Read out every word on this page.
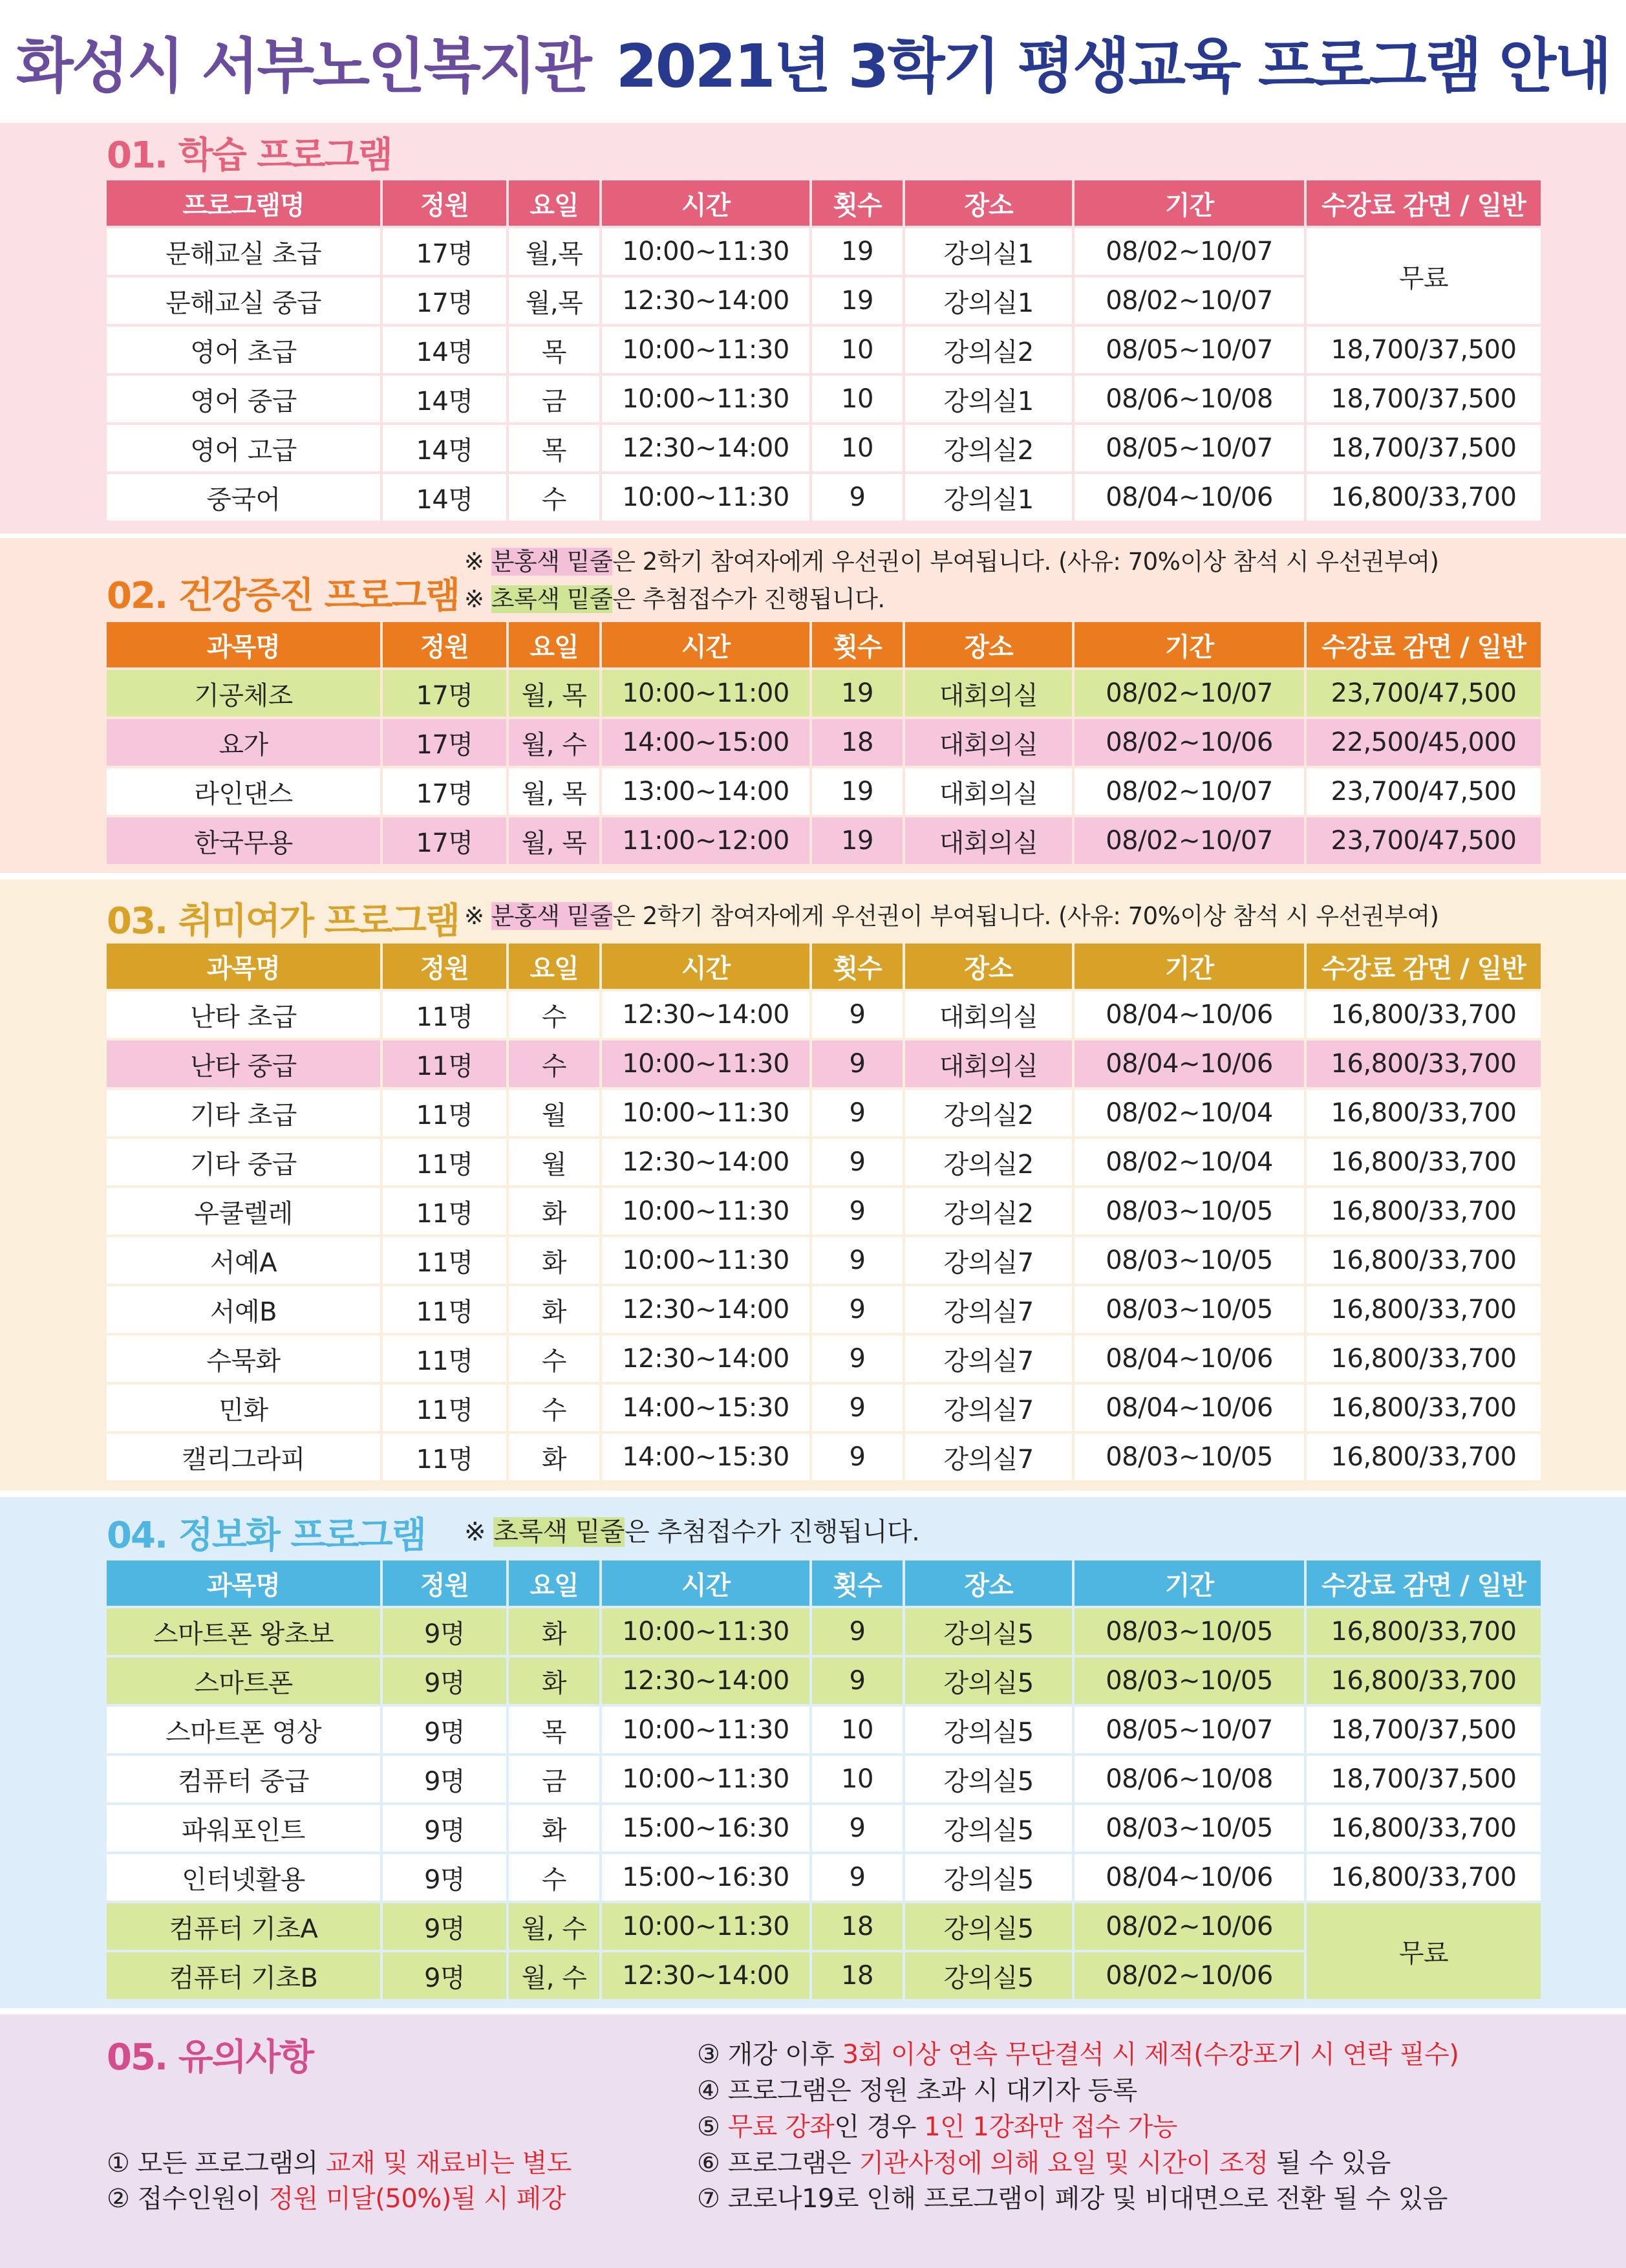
화성시 서부노인복지관 2021년 3학기 평생교육 프로그램 안내
01. 학습 프로그램
프로그램명	정원	요일	시간	횟수	장소	기간	수강료 감면 / 일반
문해교실 초급	17명	월,목	10:00~11:30	19	강의실1	08/02~10/07	무료
문해교실 중급	17명	월,목	12:30~14:00	19	강의실1	08/02~10/07	
영어 초급	14명	목	10:00~11:30	10	강의실2	08/05~10/07	18,700/37,500
영어 중급	14명	금	10:00~11:30	10	강의실1	08/06~10/08	18,700/37,500
영어 고급	14명	목	12:30~14:00	10	강의실2	08/05~10/07	18,700/37,500
중국어	14명	수	10:00~11:30	9	강의실1	08/04~10/06	16,800/33,700
02. 건강증진 프로그램
※ 분홍색 밑줄은 2학기 참여자에게 우선권이 부여됩니다. (사유: 70%이상 참석 시 우선권부여)
※ 초록색 밑줄은 추첨접수가 진행됩니다.
과목명	정원	요일	시간	횟수	장소	기간	수강료 감면 / 일반
기공체조	17명	월, 목	10:00~11:00	19	대회의실	08/02~10/07	23,700/47,500
요가	17명	월, 수	14:00~15:00	18	대회의실	08/02~10/06	22,500/45,000
라인댄스	17명	월, 목	13:00~14:00	19	대회의실	08/02~10/07	23,700/47,500
한국무용	17명	월, 목	11:00~12:00	19	대회의실	08/02~10/07	23,700/47,500
03. 취미여가 프로그램 ※ 분홍색 밑줄은 2학기 참여자에게 우선권이 부여됩니다. (사유: 70%이상 참석 시 우선권부여)
과목명	정원	요일	시간	횟수	장소	기간	수강료 감면 / 일반
난타 초급	11명	수	12:30~14:00	9	대회의실	08/04~10/06	16,800/33,700
난타 중급	11명	수	10:00~11:30	9	대회의실	08/04~10/06	16,800/33,700
기타 초급	11명	월	10:00~11:30	9	강의실2	08/02~10/04	16,800/33,700
기타 중급	11명	월	12:30~14:00	9	강의실2	08/02~10/04	16,800/33,700
우쿨렐레	11명	화	10:00~11:30	9	강의실2	08/03~10/05	16,800/33,700
서예A	11명	화	10:00~11:30	9	강의실7	08/03~10/05	16,800/33,700
서예B	11명	화	12:30~14:00	9	강의실7	08/03~10/05	16,800/33,700
수묵화	11명	수	12:30~14:00	9	강의실7	08/04~10/06	16,800/33,700
민화	11명	수	14:00~15:30	9	강의실7	08/04~10/06	16,800/33,700
캘리그라피	11명	화	14:00~15:30	9	강의실7	08/03~10/05	16,800/33,700
04. 정보화 프로그램 ※ 초록색 밑줄은 추첨접수가 진행됩니다.
과목명	정원	요일	시간	횟수	장소	기간	수강료 감면 / 일반
스마트폰 왕초보	9명	화	10:00~11:30	9	강의실5	08/03~10/05	16,800/33,700
스마트폰	9명	화	12:30~14:00	9	강의실5	08/03~10/05	16,800/33,700
스마트폰 영상	9명	목	10:00~11:30	10	강의실5	08/05~10/07	18,700/37,500
컴퓨터 중급	9명	금	10:00~11:30	10	강의실5	08/06~10/08	18,700/37,500
파워포인트	9명	화	15:00~16:30	9	강의실5	08/03~10/05	16,800/33,700
인터넷활용	9명	수	15:00~16:30	9	강의실5	08/04~10/06	16,800/33,700
컴퓨터 기초A	9명	월, 수	10:00~11:30	18	강의실5	08/02~10/06	무료
컴퓨터 기초B	9명	월, 수	12:30~14:00	18	강의실5	08/02~10/06	
05. 유의사항
① 모든 프로그램의 교재 및 재료비는 별도
② 접수인원이 정원 미달(50%)될 시 폐강
③ 개강 이후 3회 이상 연속 무단결석 시 제적(수강포기 시 연락 필수)
④ 프로그램은 정원 초과 시 대기자 등록
⑤ 무료 강좌인 경우 1인 1강좌만 접수 가능
⑥ 프로그램은 기관사정에 의해 요일 및 시간이 조정 될 수 있음
⑦ 코로나19로 인해 프로그램이 폐강 및 비대면으로 전환 될 수 있음
